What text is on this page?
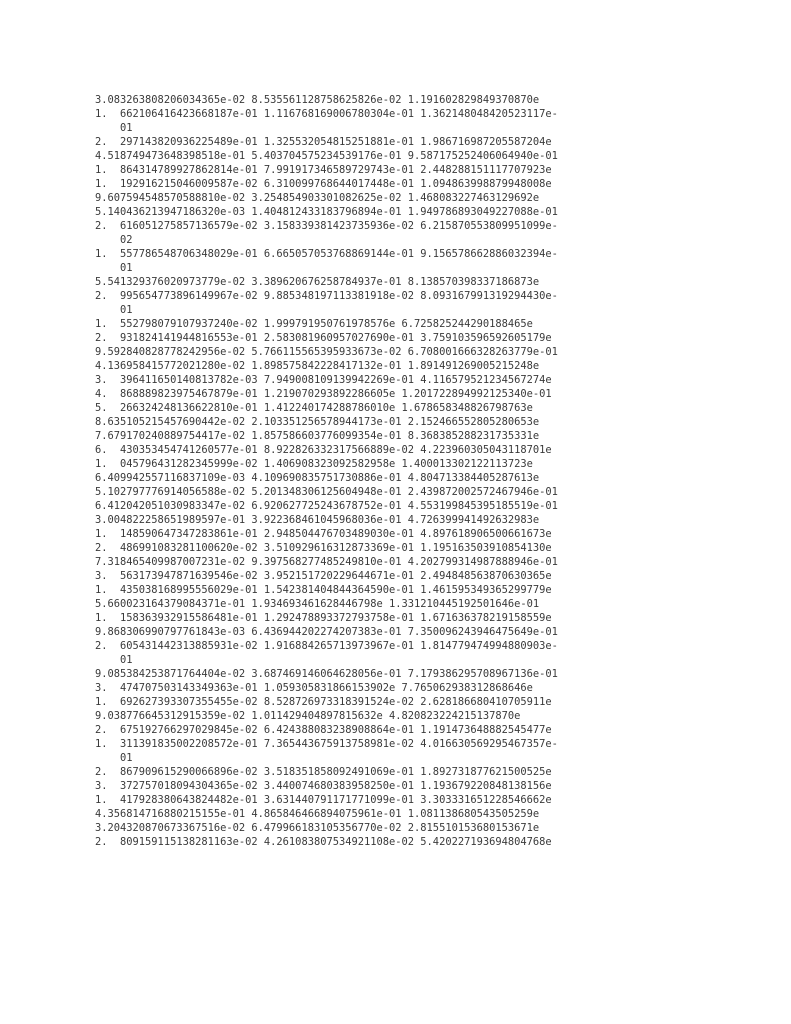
3.083263808206034365e-02 8.535561128758625826e-02 1.191602829849370870e
1.  662106416423668187e-01 1.116768169006780304e-01 1.362148048420523117e-
01
2.  297143820936225489e-01 1.325532054815251881e-01 1.986716987205587204e
4.518749473648398518e-01 5.403704575234539176e-01 9.587175252406064940e-01
1.  864314789927862814e-01 7.991917346589729743e-01 2.448288151117707923e
1.  192916215046009587e-02 6.310099768644017448e-01 1.094863998879948008e
9.607594548570588810e-02 3.254854903301082625e-02 1.468083227463129692e
5.140436213947186320e-03 1.404812433183796894e-01 1.949786893049227088e-01
2.  616051275857136579e-02 3.158339381423735936e-02 6.215870553809951099e-
02
1.  557786548706348029e-01 6.665057053768869144e-01 9.156578662886032394e-
01
5.541329376020973779e-02 3.389620676258784937e-01 8.138570398337186873e
2.  995654773896149967e-02 9.885348197113381918e-02 8.093167991319294430e-
01
1.  552798079107937240e-02 1.999791950761978576e 6.725825244290188465e
2.  931824141944816553e-01 2.583081960957027690e-01 3.759103596592605179e
9.592840828778242956e-02 5.766115565395933673e-02 6.708001666328263779e-01
4.136958415772021280e-02 1.898575842228417132e-01 1.891491269005215248e
3.  396411650140813782e-03 7.949008109139942269e-01 4.116579521234567274e
4.  868889823975467879e-01 1.219070293892286605e 1.201722894992125340e-01
5.  266324248136622810e-01 1.412240174288786010e 1.678658348826798763e
8.635105215457690442e-02 2.103351256578944173e-01 2.152466552805280653e
7.679170240889754417e-02 1.857586603776099354e-01 8.368385288231735331e
6.  430353454741260577e-01 8.922826332317566889e-02 4.223960305043118701e
1.  045796431282345999e-02 1.406908323092582958e 1.400013302122113723e
6.409942557116837109e-03 4.109690835751730886e-01 4.804713384405287613e
5.102797776914056588e-02 5.201348306125604948e-01 2.439872002572467946e-01
6.412042051030983347e-02 6.920627725243678752e-01 4.553199845395185519e-01
3.004822258651989597e-01 3.922368461045968036e-01 4.726399941492632983e
1.  148590647347283861e-01 2.948504476703489030e-01 4.897618906500661673e
2.  486991083281100620e-02 3.510929616312873369e-01 1.195163503910854130e
7.318465409987007231e-02 9.397568277485249810e-01 4.202799314987888946e-01
3.  563173947871639546e-02 3.952151720229644671e-01 2.494848563870630365e
1.  435038168995556029e-01 1.542381404844364590e-01 1.461595349365299779e
5.660023164379084371e-01 1.934693461628446798e 1.331210445192501646e-01
1.  158363932915586481e-01 1.292478893372793758e-01 1.671636378219158559e
9.868306990797761843e-03 6.436944202274207383e-01 7.350096243946475649e-01
2.  605431442313885931e-02 1.916884265713973967e-01 1.814779474994880903e-
01
9.085384253871764404e-02 3.687469146064628056e-01 7.179386295708967136e-01
3.  474707503143349363e-01 1.059305831866153902e 7.765062938312868646e
1.  692627393307355455e-02 8.528726973318391524e-02 2.628186680410705911e
9.038776645312915359e-02 1.011429404897815632e 4.820823224215137870e
2.  675192766297029845e-02 6.424388083238908864e-01 1.191473648882545477e
1.  311391835002208572e-01 7.365443675913758981e-02 4.016630569295467357e-
01
2.  867909615290066896e-02 3.518351858092491069e-01 1.892731877621500525e
3.  372757018094304365e-02 3.440074680383958250e-01 1.193679220848138156e
1.  417928380643824482e-01 3.631440791171771099e-01 3.303331651228546662e
4.356814716880215155e-01 4.865846466894075961e-01 1.081138680543505259e
3.204320870673367516e-02 6.479966183105356770e-02 2.815510153680153671e
2.  809159115138281163e-02 4.261083807534921108e-02 5.420227193694804768e
